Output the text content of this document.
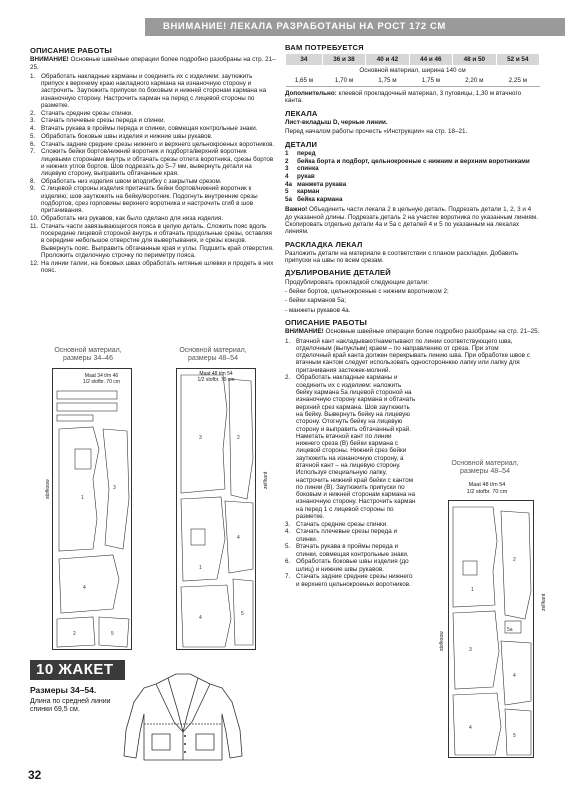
ВНИМАНИЕ! ЛЕКАЛА РАЗРАБОТАНЫ НА РОСТ 172 СМ
ОПИСАНИЕ РАБОТЫ

ВНИМАНИЕ! Основные швейные операции более подробно разобраны на стр. 21–25.

1. Обработать накладные карманы и соединить их с изделием: заутюжить припуск к верхнему краю накладного кармана на изнаночную сторону и застрочить. Заутюжить припуски по боковым и нижней сторонам кармана на изнаночную сторону. Настрочить карман на перед с лицевой стороны по разметке.
2. Стачать средние срезы спинки.
3. Стачать плечевые срезы переда и спинки.
4. Втачать рукава в проймы переда и спинки, совмещая контрольные знаки.
5. Обработать боковые швы изделия и нижние швы рукавов.
6. Стачать задние средние срезы нижнего и верхнего цельнокроеных воротников.
7. Сложить бейки бортов/нижний воротник и подборта/верхний воротник лицевыми сторонами внутрь и обтачать срезы отлета воротника, срезы бортов и нижних углов бортов. Шов подрезать до 5–7 мм, вывернуть детали на лицевую сторону, выправить обтачанные края.
8. Обработать низ изделия швом вподгибку с закрытым срезом.
9. С лицевой стороны изделия притачать бейки бортов/нижний воротник к изделию; шов заутюжить на бейку/воротник. Подогнуть внутренние срезы подбортов, срез горловины верхнего воротника и настрочить сгиб в шов притачивания.
10. Обработать низ рукавов, как было сделано для низа изделия.
11. Стачать части завязывающегося пояса в целую деталь. Сложить пояс вдоль посередине лицевой стороной внутрь и обтачать продольные срезы, оставляя в середине небольшое отверстие для вывертывания, и срезы концов. Вывернуть пояс. Выправить обтачанные края и углы. Подшить край отверстия. Проложить отделочную строчку по периметру пояса.
12. На линии талии, на боковых швах обработать нитяные шлевки и продеть в них пояс.
Основной материал,
размеры 34–46
1
3
4
2	5
stofkoow
Maat 34 t/m 46
1/2 stofbr. 70 cm
Основной материал,
размеры 48–54
3	2
1
4
4
5
zelfkant
Maat 48 t/m 54
1/2 stofbr. 70 cm
10 ЖАКЕТ
Размеры 34–54.
Длина по средней линии спинки 69,5 см.
32
ВАМ ПОТРЕБУЕТСЯ
34	36 и 38	40 и 42	44 и 46	48 и 50	52 и 54
Основной материал, ширина 140 см					
1,65 м	1,70 м	1,75 м	1,75 м	2,20 м	2,25 м

Дополнительно: клеевой прокладочный материал, 3 пуговицы, 1,30 м втачного канта.

ЛЕКАЛА

Лист-вкладыш D, черные линии.

Перед началом работы прочесть «Инструкции» на стр. 18–21.

ДЕТАЛИ
1 перед
2 бейка борта и подборт, цельнокроеные с нижним и верхним воротниками
3 спинка
4 рукав
4а манжета рукава
5 карман
5а бейка кармана

Важно! Объединить части лекала 2 в цельную деталь. Подрезать детали 1, 2, 3 и 4 до указанной длины. Подрезать деталь 2 на участке воротника по указанным линиям. Скопировать отдельно детали 4а и 5а с деталей 4 и 5 по указанным на лекалах линиям.

РАСКЛАДКА ЛЕКАЛ

Разложить детали на материале в соответствии с планом раскладки. Добавить припуски на швы по всем срезам.

ДУБЛИРОВАНИЕ ДЕТАЛЕЙ

Продублировать прокладкой следующие детали:

- бейки бортов, цельнокроеные с нижним воротником 2;

- бейки карманов 5а;

- манжеты рукавов 4а.

ОПИСАНИЕ РАБОТЫ

ВНИМАНИЕ! Основные швейные операции более подробно разобраны на стр. 21–25.

1. Втачной кант накладывают/наметывают по линии соответствующего шва, отделочным (выпуклым) краем – по направлению от среза. При этом отделочный край канта должен перекрывать линию шва. При обработке швов с втачным кантом следует использовать одностороннюю лапку или лапку для притачивания застежек-молний.
2. Обработать накладные карманы и соединить их с изделием: наложить бейку кармана 5а лицевой стороной на изнаночную сторону кармана и обтачать верхний срез кармана. Шов заутюжить на бейку. Вывернуть бейку на лицевую сторону. Отогнуть бейку на лицевую сторону и выправить обтачанный край. Наметать втачной кант по линии нижнего среза (В) бейки кармана с лицевой стороны. Нижний срез бейки заутюжить на изнаночную сторону, а втачной кант – на лицевую сторону. Используя специальную лапку, настрочить нижний край бейки с кантом по линии (В). Заутюжить припуски по боковым и нижней сторонам кармана на изнаночную сторону. Настрочить карман на перед 1 с лицевой стороны по разметке.
3. Стачать средние срезы спинки.
4. Стачать плечевые срезы переда и спинки.
5. Втачать рукава в проймы переда и спинки, совмещая контрольные знаки.
6. Обработать боковые швы изделия (до шлиц) и нижние швы рукавов.
7. Стачать задние средние срезы нижнего и верхнего цельнокроеных воротников.
Основной материал,
размеры 48–54
Maat 48 t/m 54
1/2 stofbr. 70 cm
1
2
5a
3
4
4
5
stofkoow
zelfkant
